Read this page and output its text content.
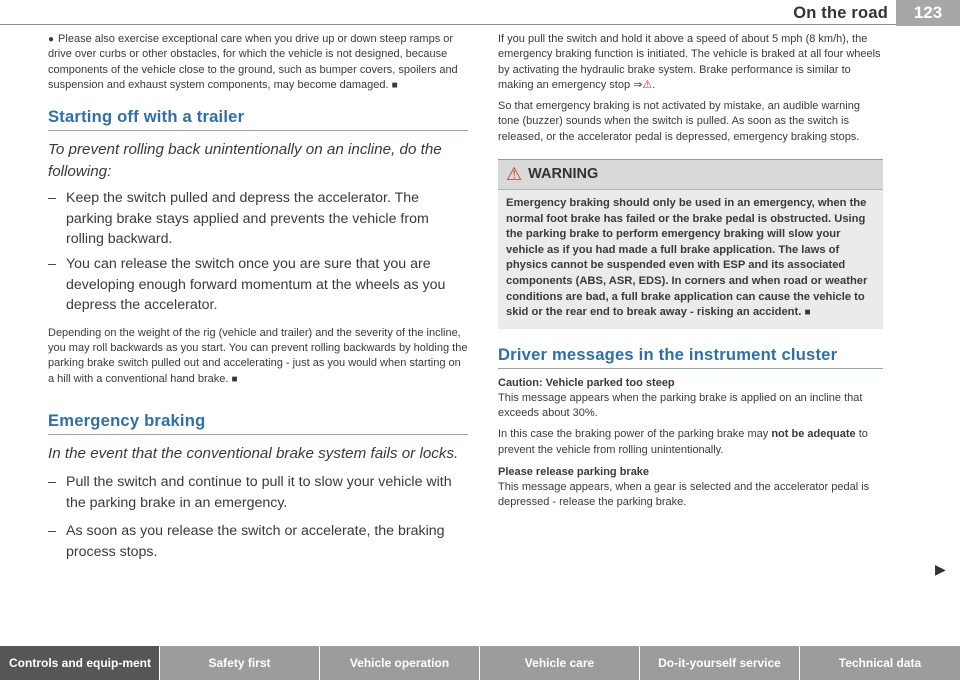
On the road	123

● Please also exercise exceptional care when you drive up or down steep ramps or drive over curbs or other obstacles, for which the vehicle is not designed, because components of the vehicle close to the ground, such as bumper covers, spoilers and suspension and exhaust system components, may become damaged. ■

Starting off with a trailer

To prevent rolling back unintentionally on an incline, do the following:

– Keep the switch pulled and depress the accelerator. The parking brake stays applied and prevents the vehicle from rolling backward.
– You can release the switch once you are sure that you are developing enough forward momentum at the wheels as you depress the accelerator.

Depending on the weight of the rig (vehicle and trailer) and the severity of the incline, you may roll backwards as you start. You can prevent rolling backwards by holding the parking brake switch pulled out and accelerating - just as you would when starting on a hill with a conventional hand brake. ■

Emergency braking

In the event that the conventional brake system fails or locks.

– Pull the switch and continue to pull it to slow your vehicle with the parking brake in an emergency.
– As soon as you release the switch or accelerate, the braking process stops.

If you pull the switch and hold it above a speed of about 5 mph (8 km/h), the emergency braking function is initiated. The vehicle is braked at all four wheels by activating the hydraulic brake system. Brake performance is similar to making an emergency stop ⇒⚠.

So that emergency braking is not activated by mistake, an audible warning tone (buzzer) sounds when the switch is pulled. As soon as the switch is released, or the accelerator pedal is depressed, emergency braking stops.

⚠ WARNING
Emergency braking should only be used in an emergency, when the normal foot brake has failed or the brake pedal is obstructed. Using the parking brake to perform emergency braking will slow your vehicle as if you had made a full brake application. The laws of physics cannot be suspended even with ESP and its associated components (ABS, ASR, EDS). In corners and when road or weather conditions are bad, a full brake application can cause the vehicle to skid or the rear end to break away - risking an accident. ■
Driver messages in the instrument cluster
Caution: Vehicle parked too steep

This message appears when the parking brake is applied on an incline that exceeds about 30%.

In this case the braking power of the parking brake may not be adequate to prevent the vehicle from rolling unintentionally.

Please release parking brake

This message appears, when a gear is selected and the accelerator pedal is depressed - release the parking brake.

▶
Controls and equip-ment	Safety first	Vehicle operation	Vehicle care	Do-it-yourself service	Technical data
